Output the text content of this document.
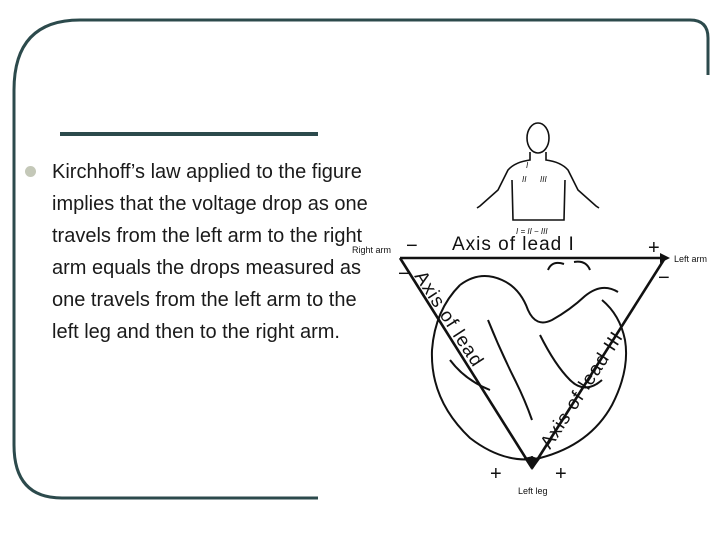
Kirchhoff’s law applied to the figure implies that the voltage drop as one travels from the left arm to the right arm equals the drops measured as one travels from the left arm to the left leg and then to the right arm.
I
II III
I = II − III
Axis of lead I
Axis of lead
Axis of lead III
−	+
−
+
−
+
Right arm
Left arm
Left leg
